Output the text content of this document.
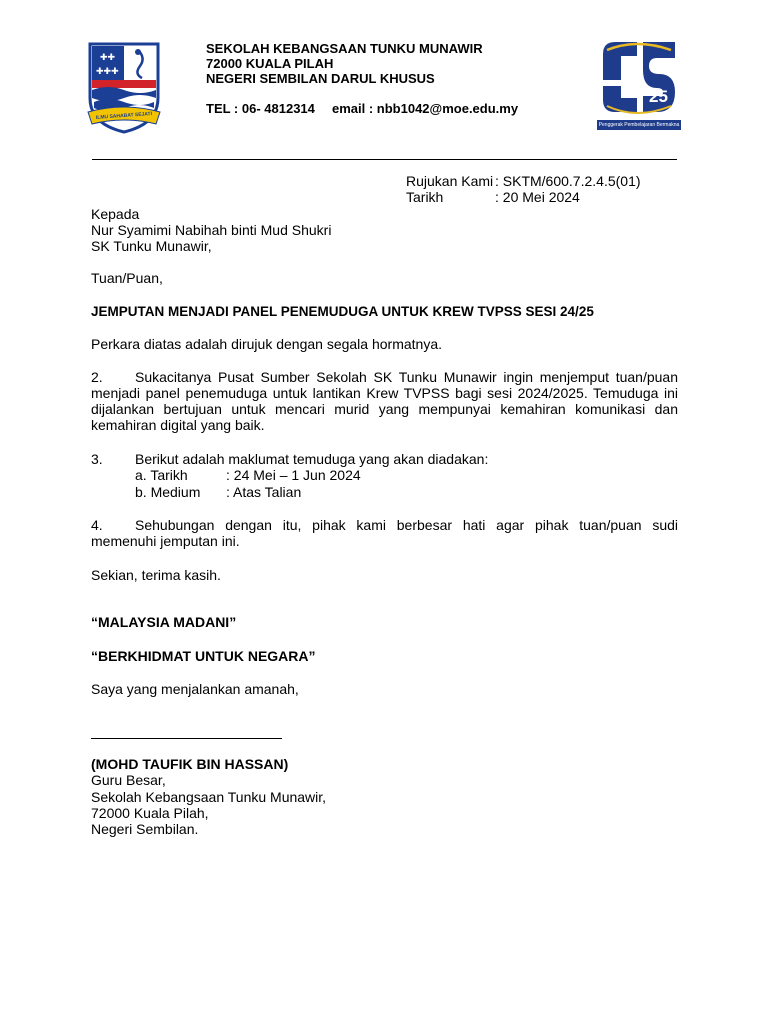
✚✚
✚✚✚
ILMU SAHABAT SEJATI
SEKOLAH KEBANGSAAN TUNKU MUNAWIR
72000 KUALA PILAH
NEGERI SEMBILAN DARUL KHUSUS
TEL : 06- 4812314 email : nbb1042@moe.edu.my
25
Penggerak Pembelajaran Bermakna
Rujukan Kami : SKTM/600.7.2.4.5(01)
Tarikh	: 20 Mei 2024
Kepada
Nur Syamimi Nabihah binti Mud Shukri
SK Tunku Munawir,
Tuan/Puan,
JEMPUTAN MENJADI PANEL PENEMUDUGA UNTUK KREW TVPSS SESI 24/25
Perkara diatas adalah dirujuk dengan segala hormatnya.
2. Sukacitanya Pusat Sumber Sekolah SK Tunku Munawir ingin menjemput tuan/puan menjadi panel penemuduga untuk lantikan Krew TVPSS bagi sesi 2024/2025. Temuduga ini dijalankan bertujuan untuk mencari murid yang mempunyai kemahiran komunikasi dan kemahiran digital yang baik.
3. Berikut adalah maklumat temuduga yang akan diadakan:
a. Tarikh	: 24 Mei – 1 Jun 2024
b. Medium : Atas Talian
4. Sehubungan dengan itu, pihak kami berbesar hati agar pihak tuan/puan sudi memenuhi jemputan ini.
Sekian, terima kasih.
“MALAYSIA MADANI”
“BERKHIDMAT UNTUK NEGARA”
Saya yang menjalankan amanah,
(MOHD TAUFIK BIN HASSAN)
Guru Besar,
Sekolah Kebangsaan Tunku Munawir,
72000 Kuala Pilah,
Negeri Sembilan.
